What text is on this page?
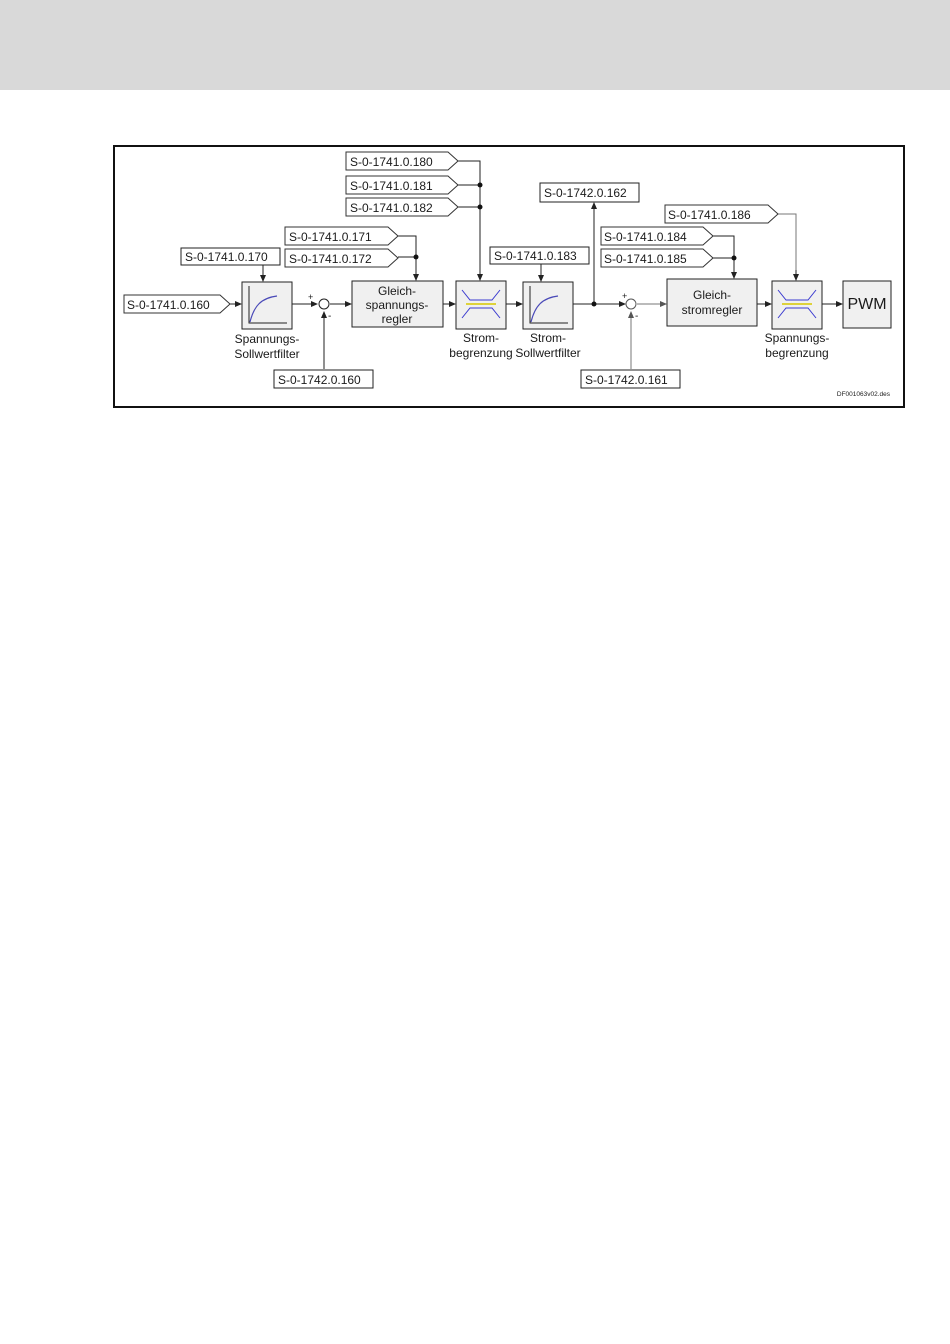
+
-
+
-
S-0-1741.0.180
S-0-1741.0.181
S-0-1741.0.182
S-0-1741.0.171
S-0-1741.0.172
S-0-1741.0.160
S-0-1741.0.186
S-0-1741.0.184
S-0-1741.0.185
S-0-1741.0.170	S-0-1741.0.183
S-0-1742.0.162
S-0-1742.0.160	S-0-1742.0.161
Spannungs-
Sollwertfilter
Gleich-
spannungs-
regler
Strom-
begrenzung
Strom-
Sollwertfilter
Gleich-
stromregler
Spannungs-
begrenzung
PWM
DF001063v02.des
